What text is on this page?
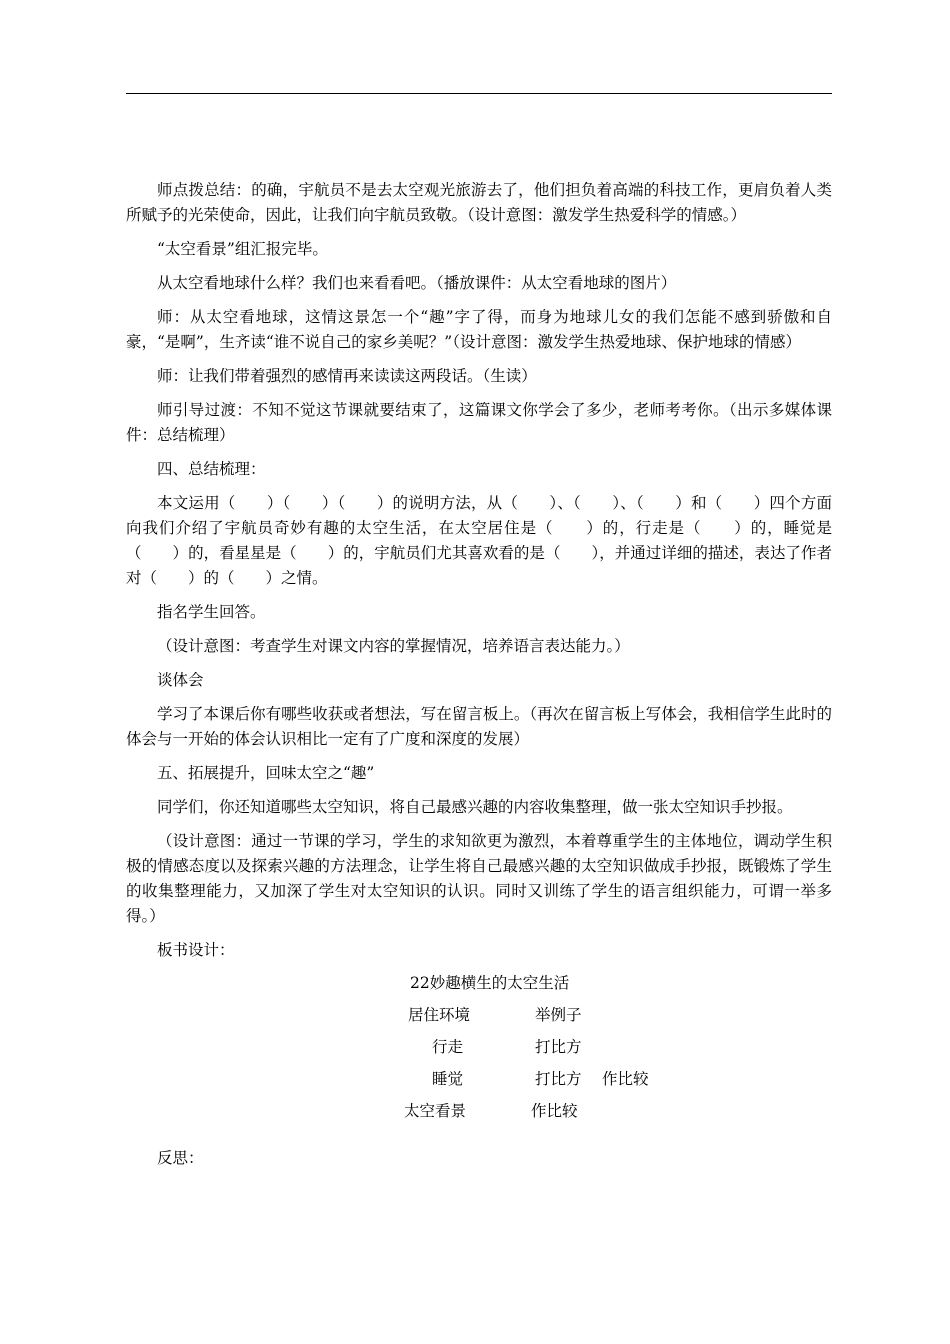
师点拨总结：的确，宇航员不是去太空观光旅游去了，他们担负着高端的科技工作，更肩负着人类所赋予的光荣使命，因此，让我们向宇航员致敬。（设计意图：激发学生热爱科学的情感。）

“太空看景”组汇报完毕。

从太空看地球什么样？我们也来看看吧。（播放课件：从太空看地球的图片）

师：从太空看地球，这情这景怎一个“趣”字了得，而身为地球儿女的我们怎能不感到骄傲和自豪，“是啊”，生齐读“谁不说自己的家乡美呢？”（设计意图：激发学生热爱地球、保护地球的情感）

师：让我们带着强烈的感情再来读读这两段话。（生读）

师引导过渡：不知不觉这节课就要结束了，这篇课文你学会了多少，老师考考你。（出示多媒体课件：总结梳理）

四、总结梳理：

本文运用（　　）（　　）（　　）的说明方法，从（　　）、（　　）、（　　）和（　　）四个方面向我们介绍了宇航员奇妙有趣的太空生活，在太空居住是（　　）的，行走是（　　）的，睡觉是（　　）的，看星星是（　　）的，宇航员们尤其喜欢看的是（　　），并通过详细的描述，表达了作者对（　　）的（　　）之情。

指名学生回答。

（设计意图：考查学生对课文内容的掌握情况，培养语言表达能力。）

谈体会

学习了本课后你有哪些收获或者想法，写在留言板上。（再次在留言板上写体会，我相信学生此时的体会与一开始的体会认识相比一定有了广度和深度的发展）

五、拓展提升，回味太空之“趣”

同学们，你还知道哪些太空知识，将自己最感兴趣的内容收集整理，做一张太空知识手抄报。

（设计意图：通过一节课的学习，学生的求知欲更为激烈，本着尊重学生的主体地位，调动学生积极的情感态度以及探索兴趣的方法理念，让学生将自己最感兴趣的太空知识做成手抄报，既锻炼了学生的收集整理能力，又加深了学生对太空知识的认识。同时又训练了学生的语言组织能力，可谓一举多得。）

板书设计：

22妙趣横生的太空生活
居住环境	举例子
行走	打比方
睡觉	打比方 作比较
太空看景	作比较

反思：
